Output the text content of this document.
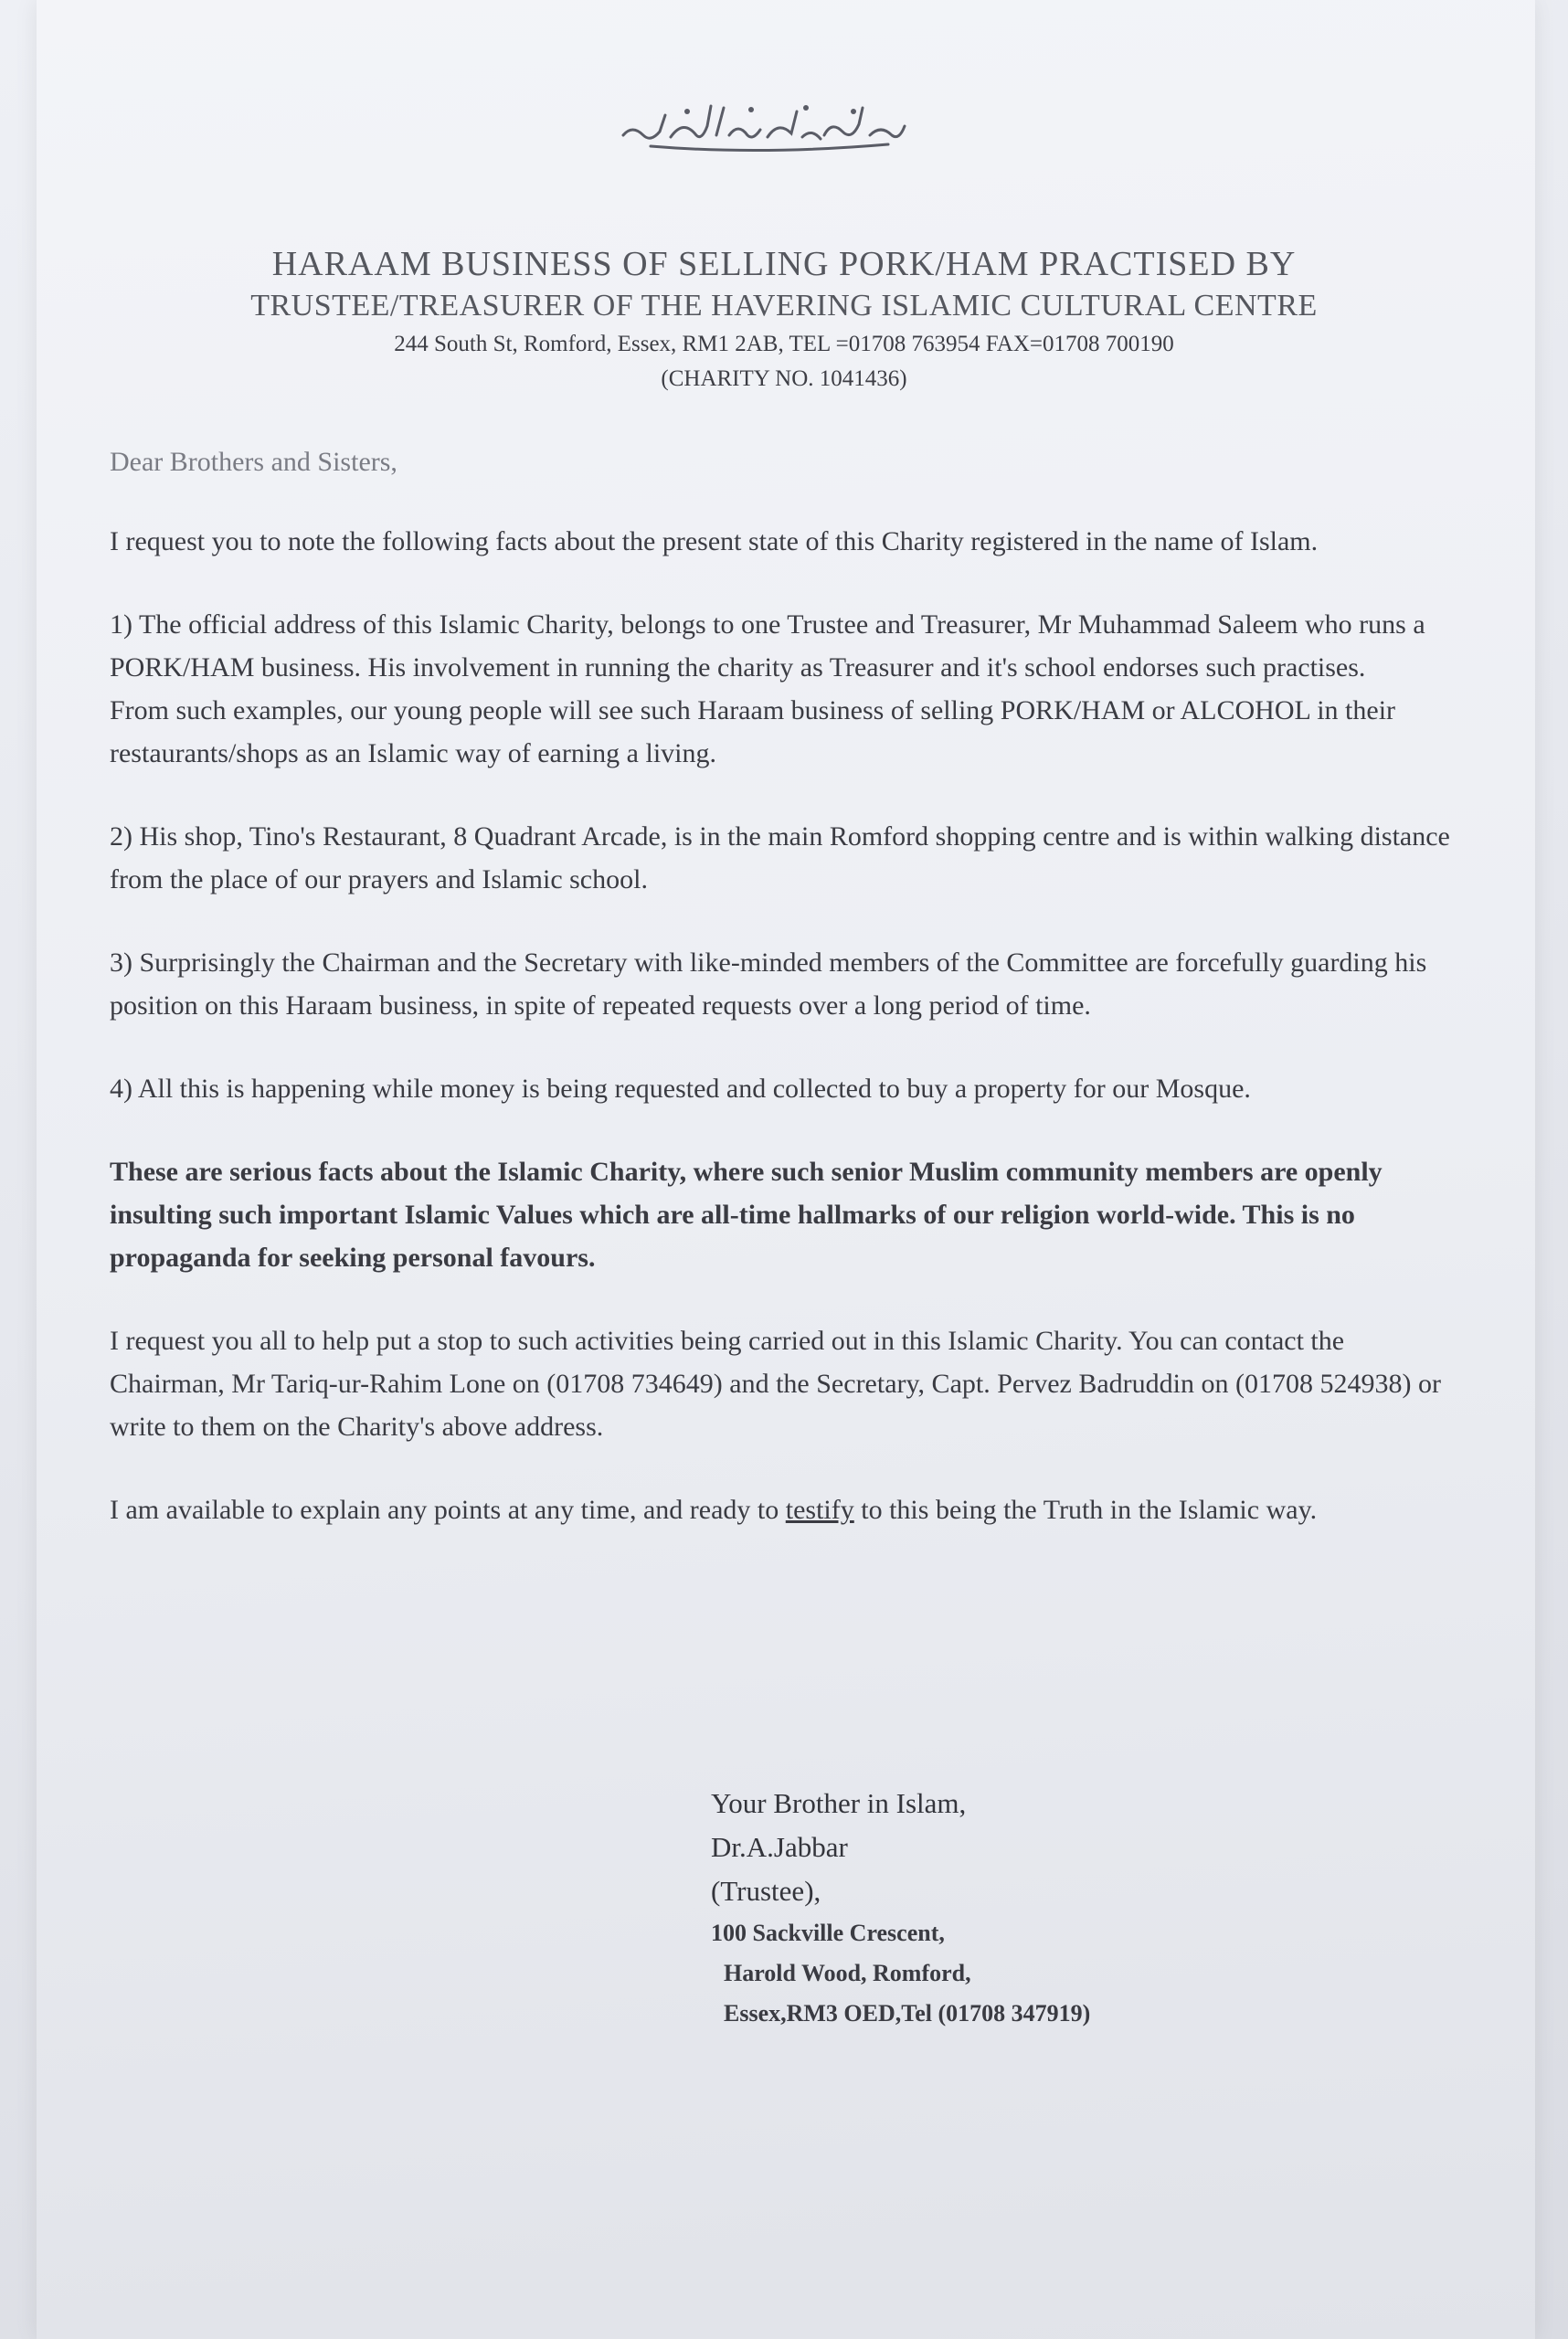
HARAAM BUSINESS OF SELLING PORK/HAM PRACTISED BY
TRUSTEE/TREASURER OF THE HAVERING ISLAMIC CULTURAL CENTRE
244 South St, Romford, Essex, RM1 2AB, TEL =01708 763954 FAX=01708 700190
(CHARITY NO. 1041436)

Dear Brothers and Sisters,

I request you to note the following facts about the present state of this Charity registered in the name of Islam.

1) The official address of this Islamic Charity, belongs to one Trustee and Treasurer, Mr Muhammad Saleem who runs a PORK/HAM business. His involvement in running the charity as Treasurer and it's school endorses such practises.
From such examples, our young people will see such Haraam business of selling PORK/HAM or ALCOHOL in their restaurants/shops as an Islamic way of earning a living.

2) His shop, Tino's Restaurant, 8 Quadrant Arcade, is in the main Romford shopping centre and is within walking distance from the place of our prayers and Islamic school.

3) Surprisingly the Chairman and the Secretary with like-minded members of the Committee are forcefully guarding his position on this Haraam business, in spite of repeated requests over a long period of time.

4) All this is happening while money is being requested and collected to buy a property for our Mosque.

These are serious facts about the Islamic Charity, where such senior Muslim community members are openly insulting such important Islamic Values which are all-time hallmarks of our religion world-wide. This is no propaganda for seeking personal favours.

I request you all to help put a stop to such activities being carried out in this Islamic Charity. You can contact the Chairman, Mr Tariq-ur-Rahim Lone on (01708 734649) and the Secretary, Capt. Pervez Badruddin on (01708 524938) or write to them on the Charity's above address.

I am available to explain any points at any time, and ready to testify to this being the Truth in the Islamic way.

Your Brother in Islam,
Dr.A.Jabbar
(Trustee),
100 Sackville Crescent,
Harold Wood, Romford,
Essex,RM3 OED,Tel (01708 347919)
